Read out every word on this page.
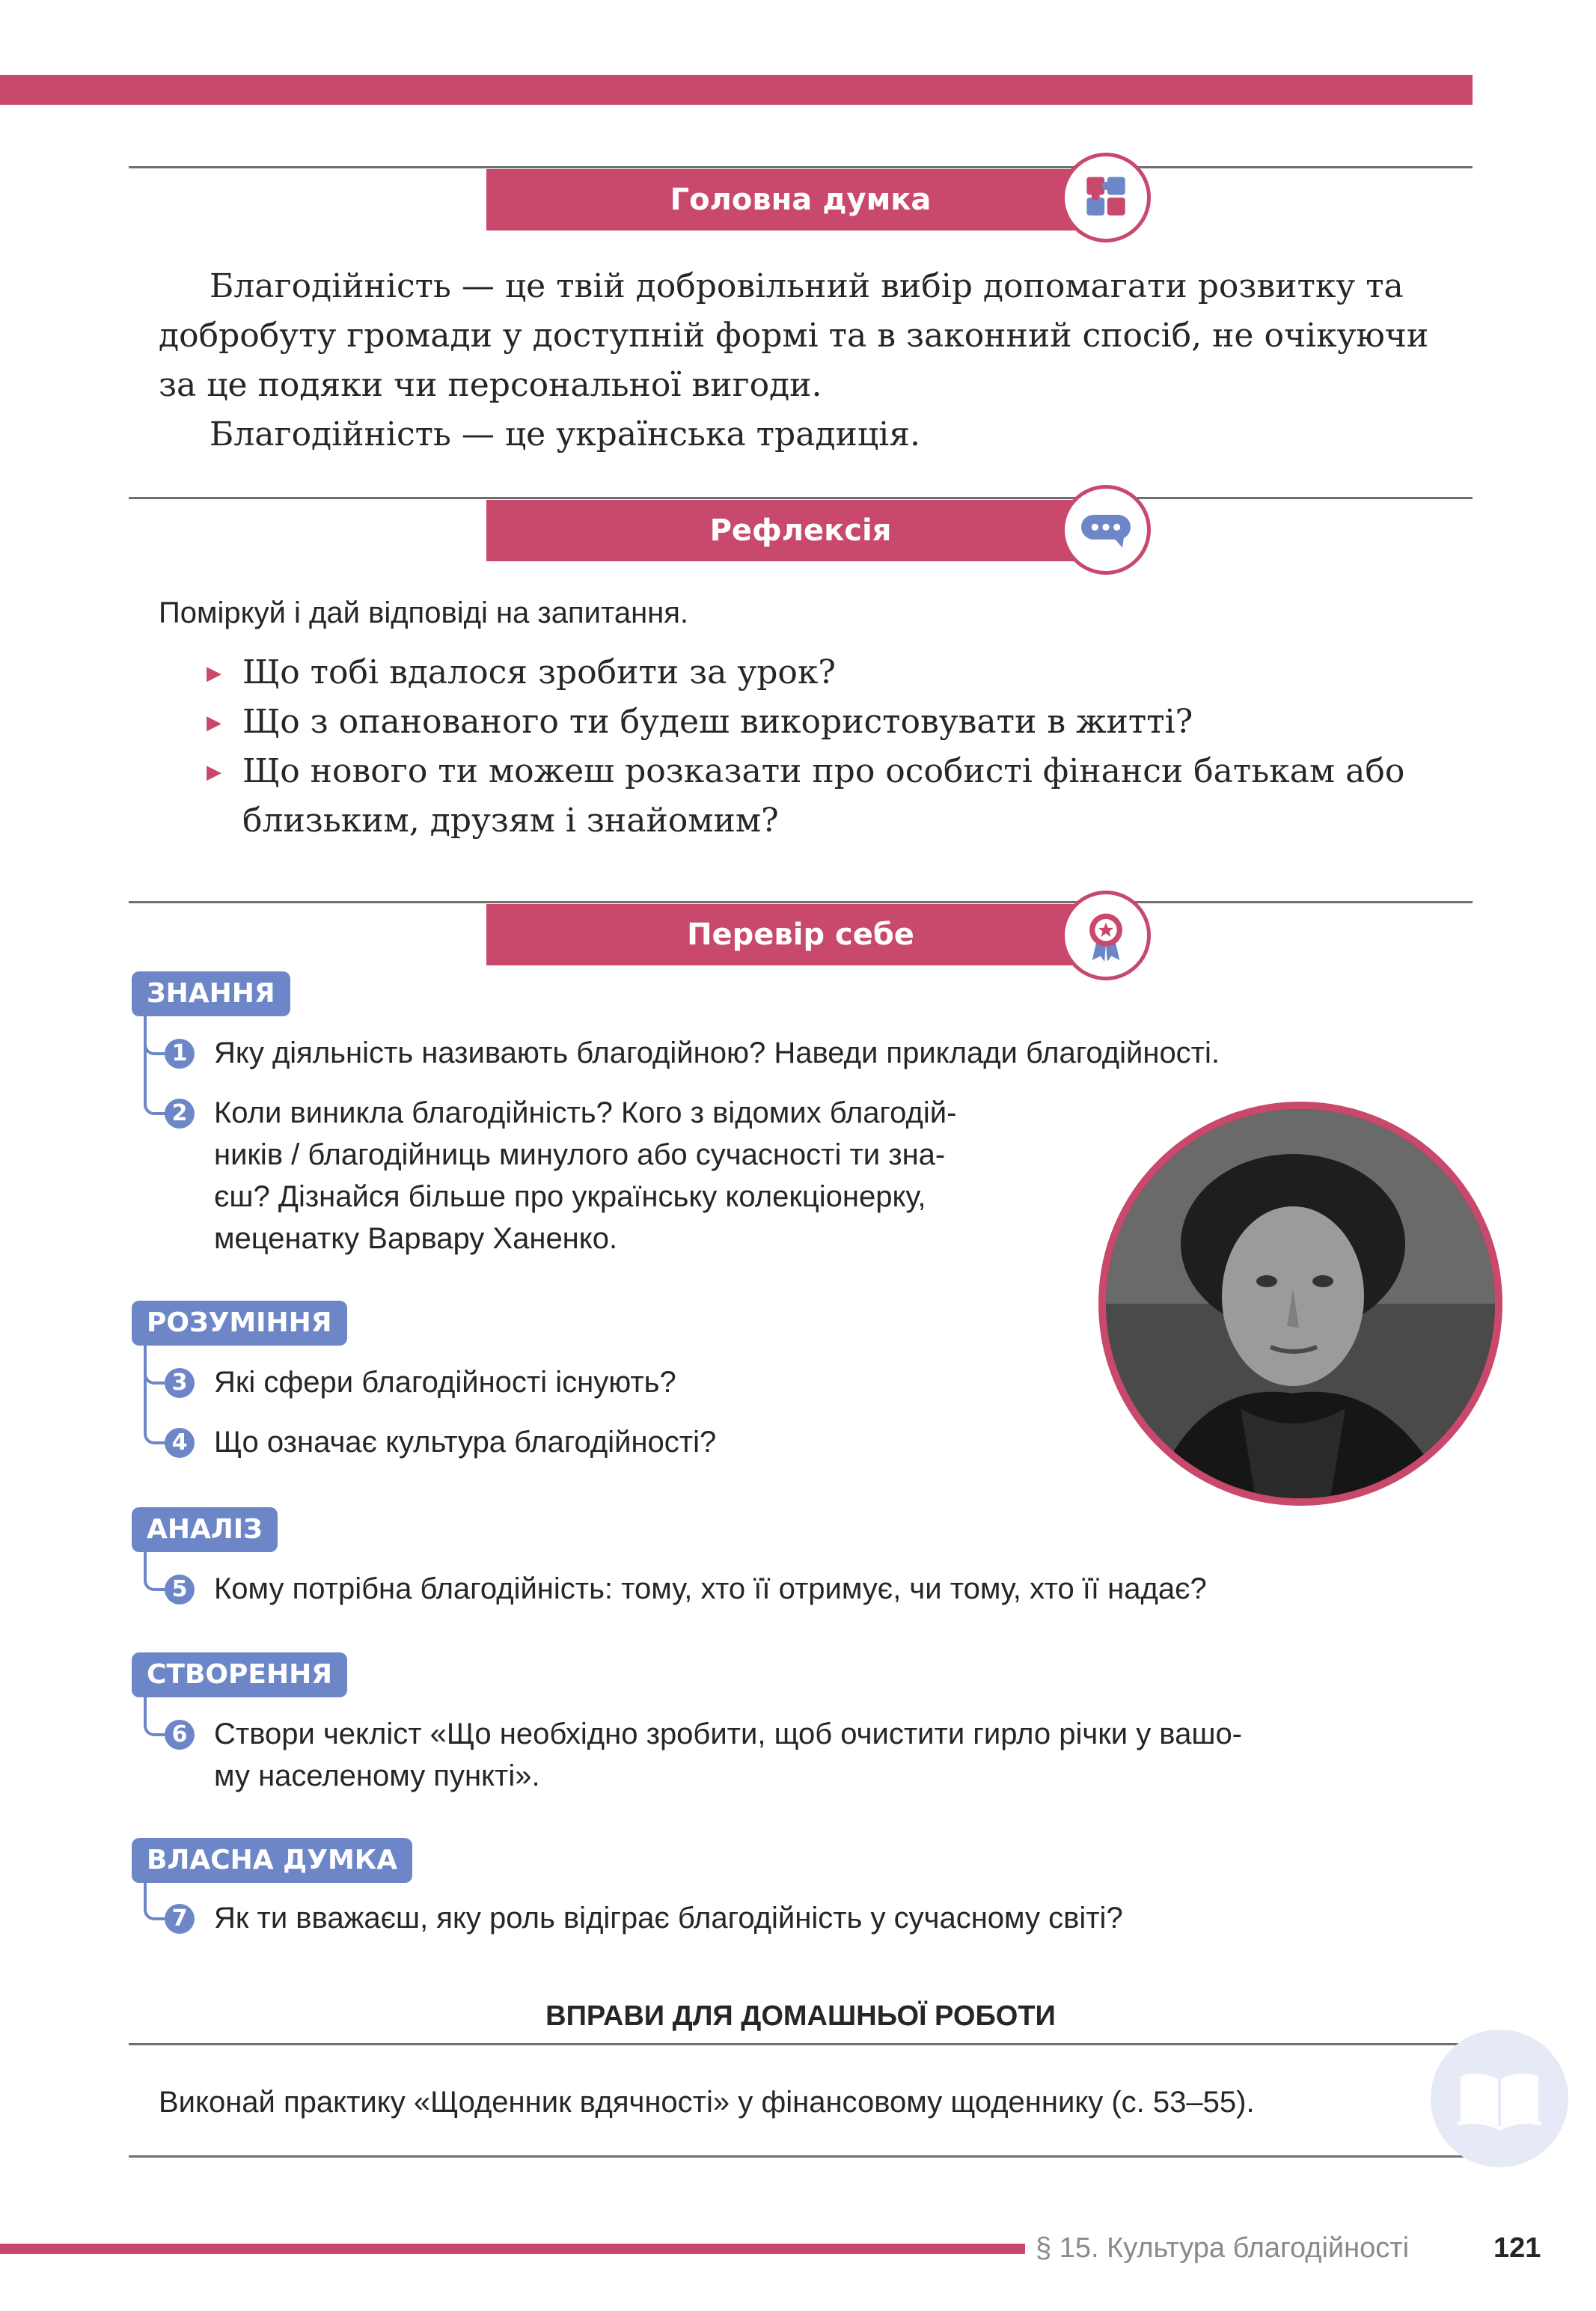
Головна думка
Благодійність — це твій добровільний вибір допомагати розвитку та
добробуту громади у доступній формі та в законний спосіб, не очікуючи
за це подяки чи персональної вигоди.
Благодійність — це українська традиція.
Рефлексія
Поміркуй і дай відповіді на запитання.
▶ Що тобі вдалося зробити за урок?
▶ Що з опанованого ти будеш використовувати в житті?
▶ Що нового ти можеш розказати про особисті фінанси батькам або
близьким, друзям і знайомим?
Перевір себе
ЗНАННЯ
1 Яку діяльність називають благодійною? Наведи приклади благодійності.
2 Коли виникла благодійність? Кого з відомих благодій-
ників / благодійниць минулого або сучасності ти зна-
єш? Дізнайся більше про українську колекціонерку,
меценатку Варвару Ханенко.
РОЗУМІННЯ
3 Які сфери благодійності існують?
4 Що означає культура благодійності?
АНАЛІЗ
5 Кому потрібна благодійність: тому, хто її отримує, чи тому, хто її надає?
СТВОРЕННЯ
6 Створи чекліст «Що необхідно зробити, щоб очистити гирло річки у вашо-
му населеному пункті».
ВЛАСНА ДУМКА
7 Як ти вважаєш, яку роль відіграє благодійність у сучасному світі?
ВПРАВИ ДЛЯ ДОМАШНЬОЇ РОБОТИ
Виконай практику «Щоденник вдячності» у фінансовому щоденнику (с. 53–55).
§ 15. Культура благодійності	121
